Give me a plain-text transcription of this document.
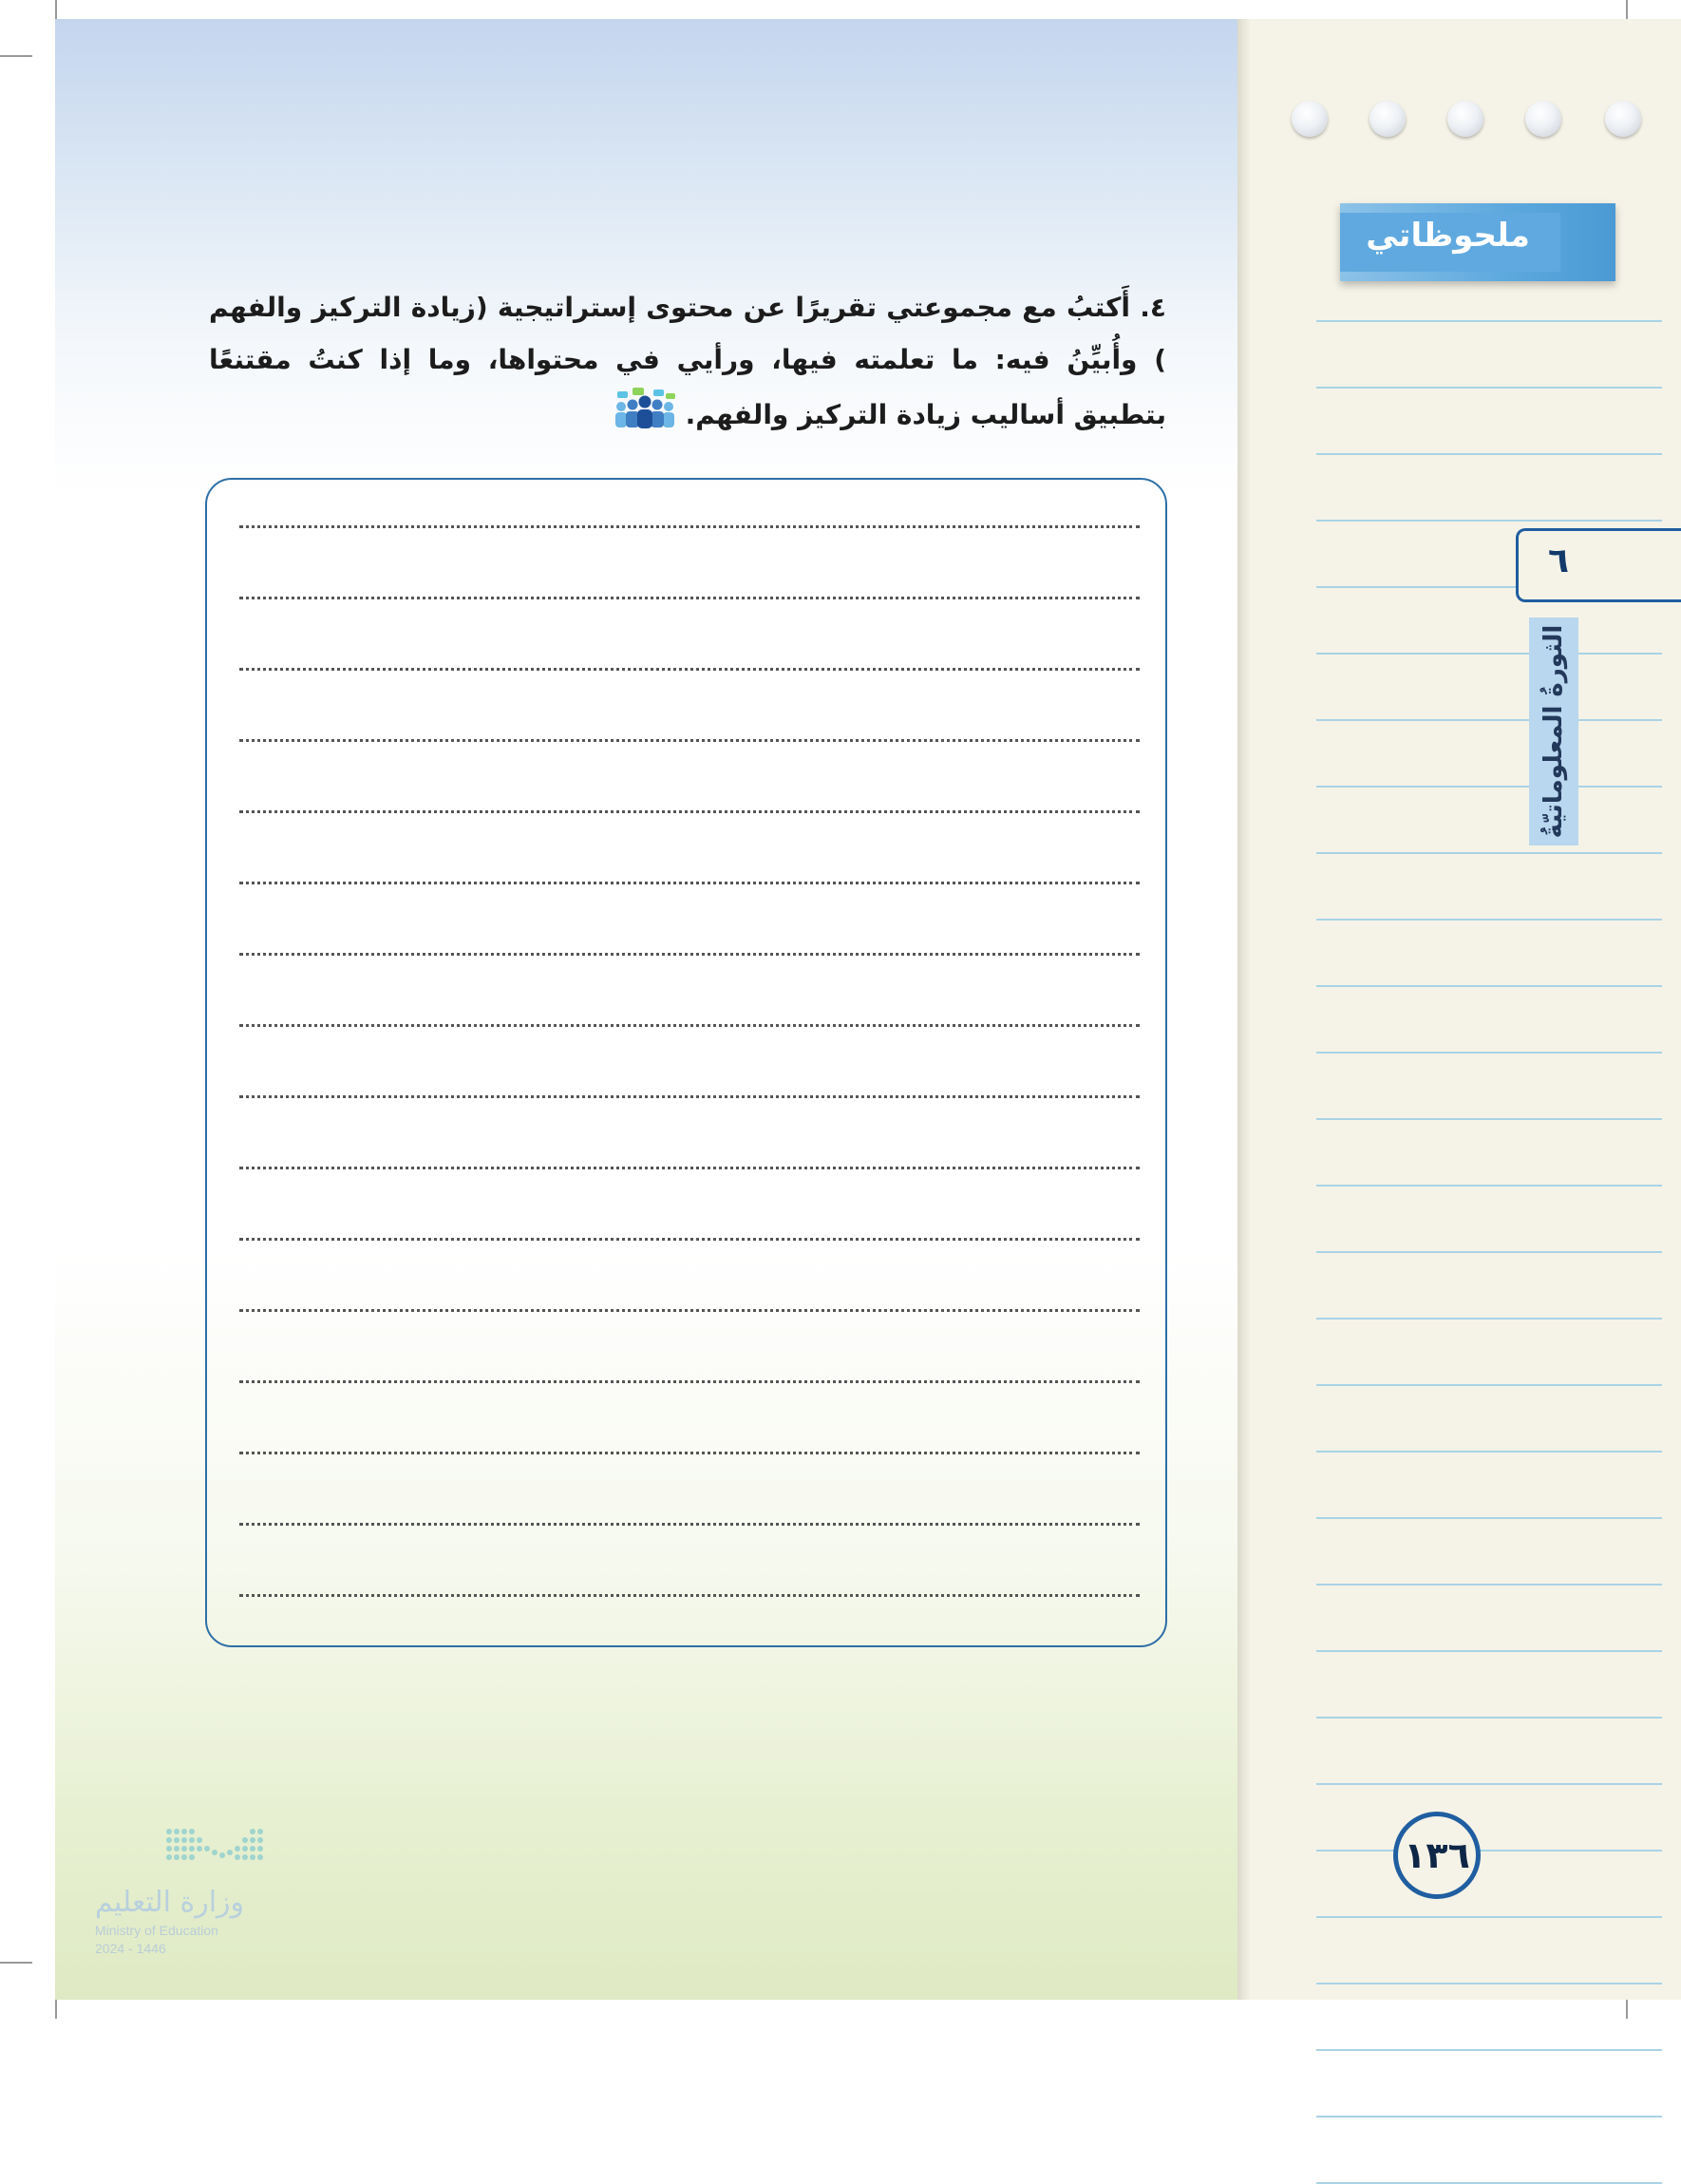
ملحوظاتي
٦
الثورةُ المعلوماتيّةُ
١٣٦
٤. أَكتبُ مع مجموعتي تقريرًا عن محتوى إستراتيجية (زيادة التركيز والفهم ) وأُبيِّنُ فيه: ما تعلمته فيها، ورأيي في محتواها، وما إذا كنتُ مقتنعًا بتطبيق أساليب زيادة التركيز والفهم.
وزارة التعليم
Ministry of Education
2024 - 1446
